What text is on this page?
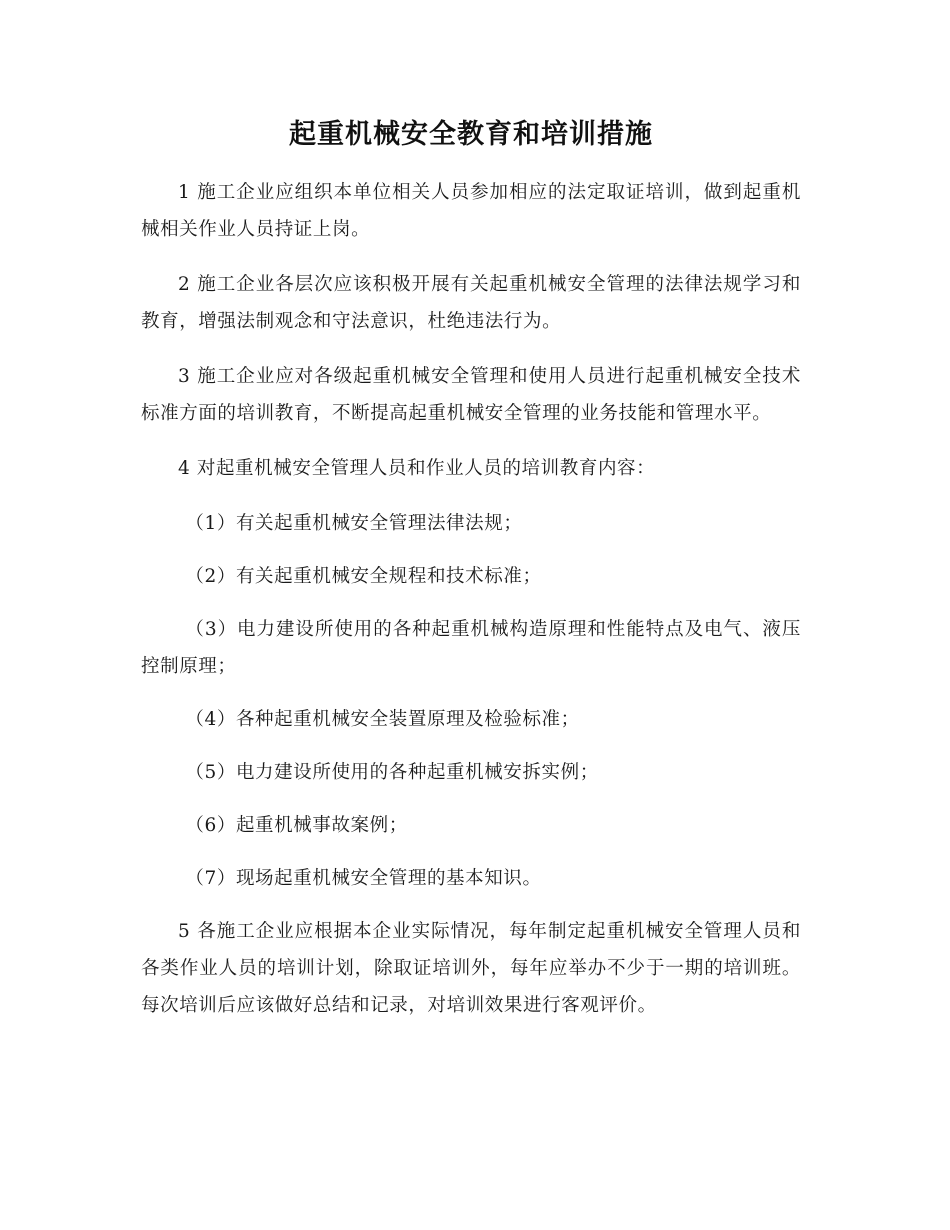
起重机械安全教育和培训措施

1 施工企业应组织本单位相关人员参加相应的法定取证培训，做到起重机械相关作业人员持证上岗。

2 施工企业各层次应该积极开展有关起重机械安全管理的法律法规学习和教育，增强法制观念和守法意识，杜绝违法行为。

3 施工企业应对各级起重机械安全管理和使用人员进行起重机械安全技术标准方面的培训教育，不断提高起重机械安全管理的业务技能和管理水平。

4 对起重机械安全管理人员和作业人员的培训教育内容：

（1）有关起重机械安全管理法律法规；

（2）有关起重机械安全规程和技术标准；

（3）电力建设所使用的各种起重机械构造原理和性能特点及电气、液压控制原理；

（4）各种起重机械安全装置原理及检验标准；

（5）电力建设所使用的各种起重机械安拆实例；

（6）起重机械事故案例；

（7）现场起重机械安全管理的基本知识。

5 各施工企业应根据本企业实际情况，每年制定起重机械安全管理人员和各类作业人员的培训计划，除取证培训外，每年应举办不少于一期的培训班。每次培训后应该做好总结和记录，对培训效果进行客观评价。
